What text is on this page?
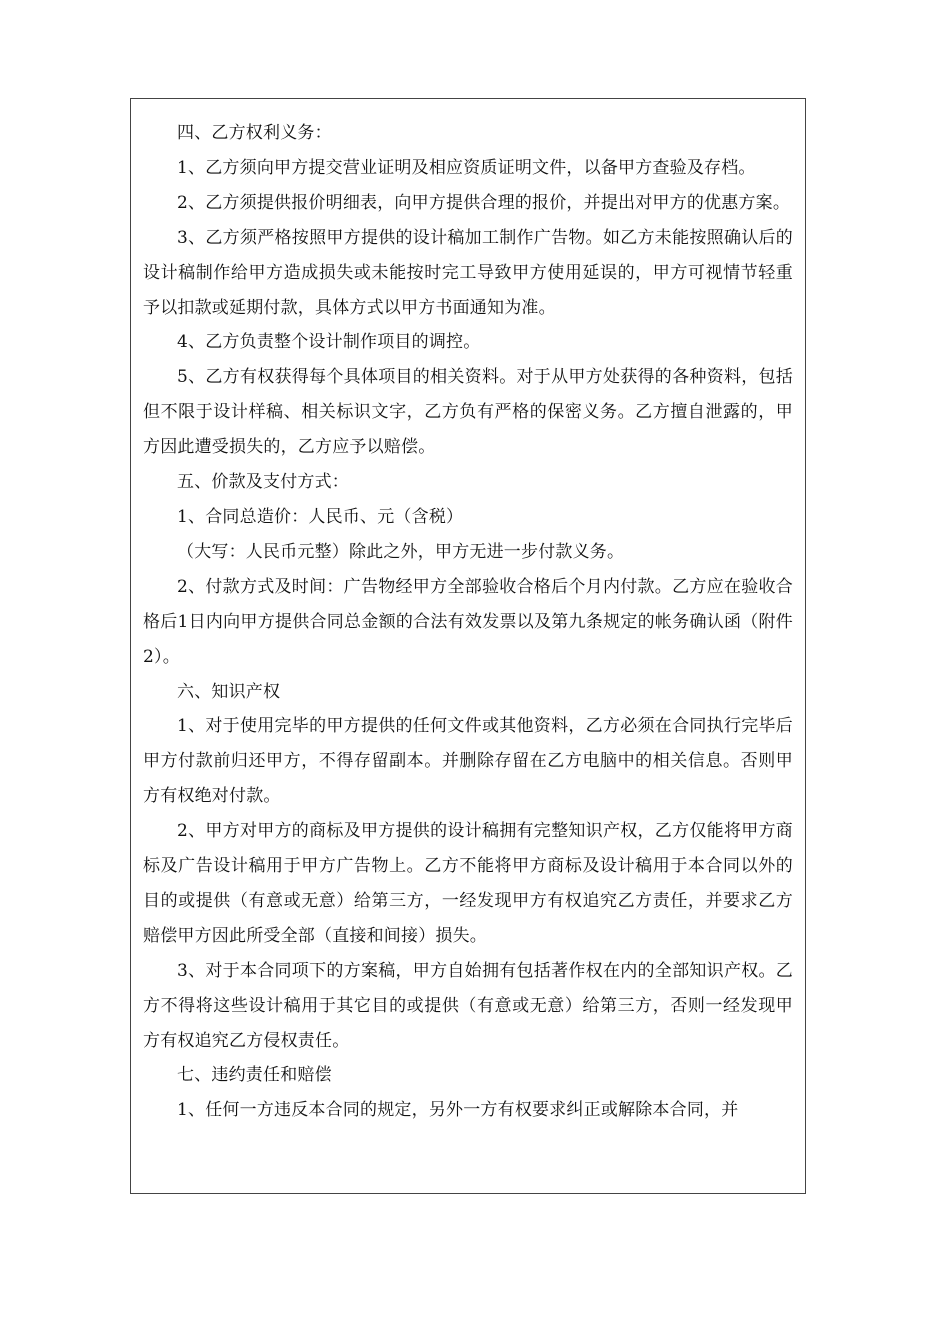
四、乙方权利义务：

1、乙方须向甲方提交营业证明及相应资质证明文件，以备甲方查验及存档。

2、乙方须提供报价明细表，向甲方提供合理的报价，并提出对甲方的优惠方案。

3、乙方须严格按照甲方提供的设计稿加工制作广告物。如乙方未能按照确认后的设计稿制作给甲方造成损失或未能按时完工导致甲方使用延误的，甲方可视情节轻重予以扣款或延期付款，具体方式以甲方书面通知为准。

4、乙方负责整个设计制作项目的调控。

5、乙方有权获得每个具体项目的相关资料。对于从甲方处获得的各种资料，包括但不限于设计样稿、相关标识文字，乙方负有严格的保密义务。乙方擅自泄露的，甲方因此遭受损失的，乙方应予以赔偿。

五、价款及支付方式：

1、合同总造价：人民币、元（含税）

（大写：人民币元整）除此之外，甲方无进一步付款义务。

2、付款方式及时间：广告物经甲方全部验收合格后个月内付款。乙方应在验收合格后1日内向甲方提供合同总金额的合法有效发票以及第九条规定的帐务确认函（附件2）。

六、知识产权

1、对于使用完毕的甲方提供的任何文件或其他资料，乙方必须在合同执行完毕后甲方付款前归还甲方，不得存留副本。并删除存留在乙方电脑中的相关信息。否则甲方有权绝对付款。

2、甲方对甲方的商标及甲方提供的设计稿拥有完整知识产权，乙方仅能将甲方商标及广告设计稿用于甲方广告物上。乙方不能将甲方商标及设计稿用于本合同以外的目的或提供（有意或无意）给第三方，一经发现甲方有权追究乙方责任，并要求乙方赔偿甲方因此所受全部（直接和间接）损失。

3、对于本合同项下的方案稿，甲方自始拥有包括著作权在内的全部知识产权。乙方不得将这些设计稿用于其它目的或提供（有意或无意）给第三方，否则一经发现甲方有权追究乙方侵权责任。

七、违约责任和赔偿

1、任何一方违反本合同的规定，另外一方有权要求纠正或解除本合同，并
